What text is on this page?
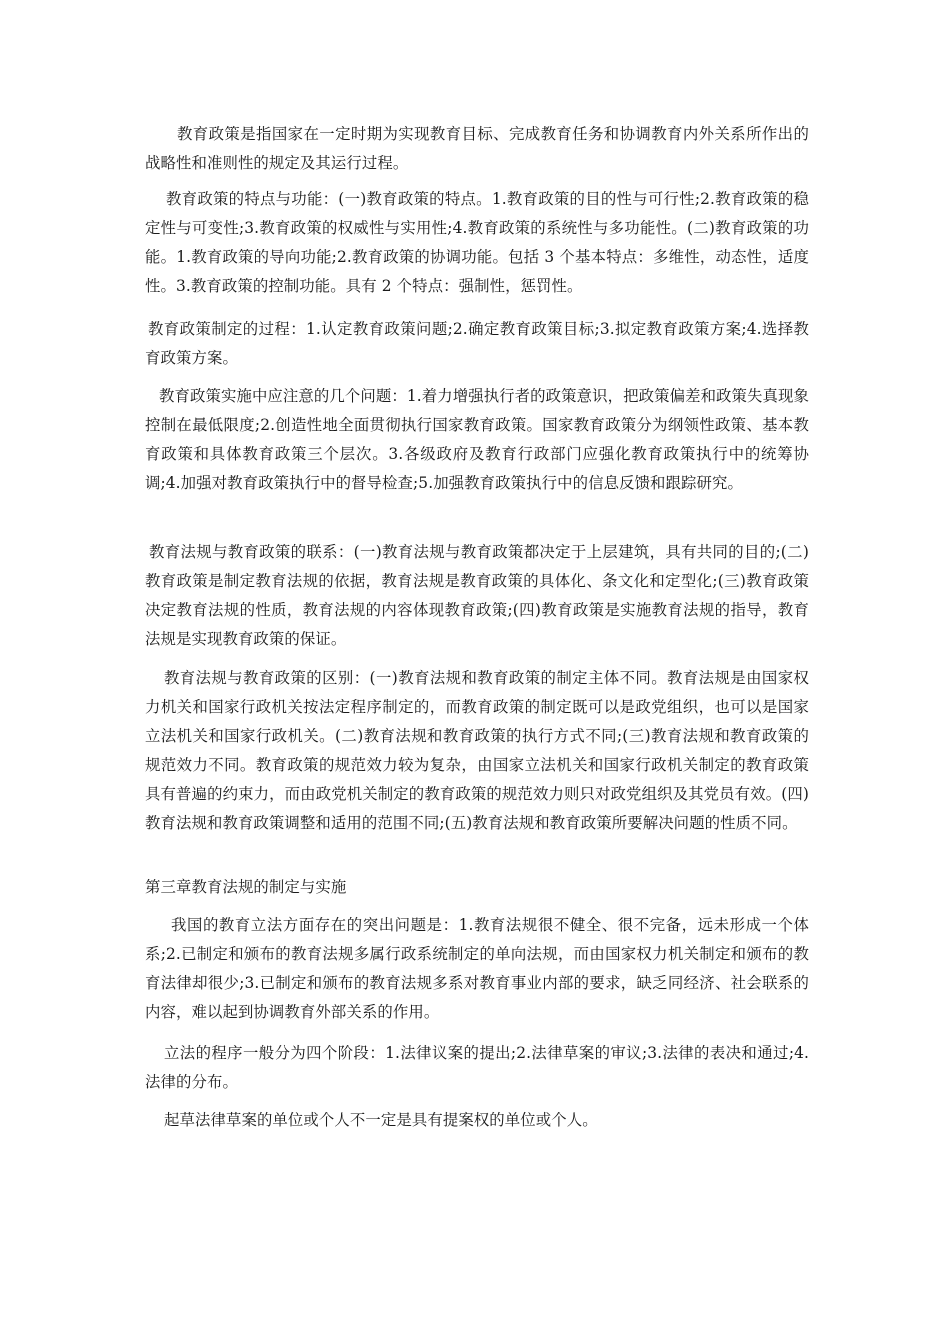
教育政策是指国家在一定时期为实现教育目标、完成教育任务和协调教育内外关系所作出的战略性和准则性的规定及其运行过程。

教育政策的特点与功能：(一)教育政策的特点。1.教育政策的目的性与可行性;2.教育政策的稳定性与可变性;3.教育政策的权威性与实用性;4.教育政策的系统性与多功能性。(二)教育政策的功能。1.教育政策的导向功能;2.教育政策的协调功能。包括 3 个基本特点：多维性，动态性，适度性。3.教育政策的控制功能。具有 2 个特点：强制性，惩罚性。

教育政策制定的过程：1.认定教育政策问题;2.确定教育政策目标;3.拟定教育政策方案;4.选择教育政策方案。

教育政策实施中应注意的几个问题：1.着力增强执行者的政策意识，把政策偏差和政策失真现象控制在最低限度;2.创造性地全面贯彻执行国家教育政策。国家教育政策分为纲领性政策、基本教育政策和具体教育政策三个层次。3.各级政府及教育行政部门应强化教育政策执行中的统筹协调;4.加强对教育政策执行中的督导检查;5.加强教育政策执行中的信息反馈和跟踪研究。

教育法规与教育政策的联系：(一)教育法规与教育政策都决定于上层建筑，具有共同的目的;(二)教育政策是制定教育法规的依据，教育法规是教育政策的具体化、条文化和定型化;(三)教育政策决定教育法规的性质，教育法规的内容体现教育政策;(四)教育政策是实施教育法规的指导，教育法规是实现教育政策的保证。

教育法规与教育政策的区别：(一)教育法规和教育政策的制定主体不同。教育法规是由国家权力机关和国家行政机关按法定程序制定的，而教育政策的制定既可以是政党组织，也可以是国家立法机关和国家行政机关。(二)教育法规和教育政策的执行方式不同;(三)教育法规和教育政策的规范效力不同。教育政策的规范效力较为复杂，由国家立法机关和国家行政机关制定的教育政策具有普遍的约束力，而由政党机关制定的教育政策的规范效力则只对政党组织及其党员有效。(四)教育法规和教育政策调整和适用的范围不同;(五)教育法规和教育政策所要解决问题的性质不同。

第三章教育法规的制定与实施

我国的教育立法方面存在的突出问题是：1.教育法规很不健全、很不完备，远未形成一个体系;2.已制定和颁布的教育法规多属行政系统制定的单向法规，而由国家权力机关制定和颁布的教育法律却很少;3.已制定和颁布的教育法规多系对教育事业内部的要求，缺乏同经济、社会联系的内容，难以起到协调教育外部关系的作用。

立法的程序一般分为四个阶段：1.法律议案的提出;2.法律草案的审议;3.法律的表决和通过;4.法律的分布。

起草法律草案的单位或个人不一定是具有提案权的单位或个人。
